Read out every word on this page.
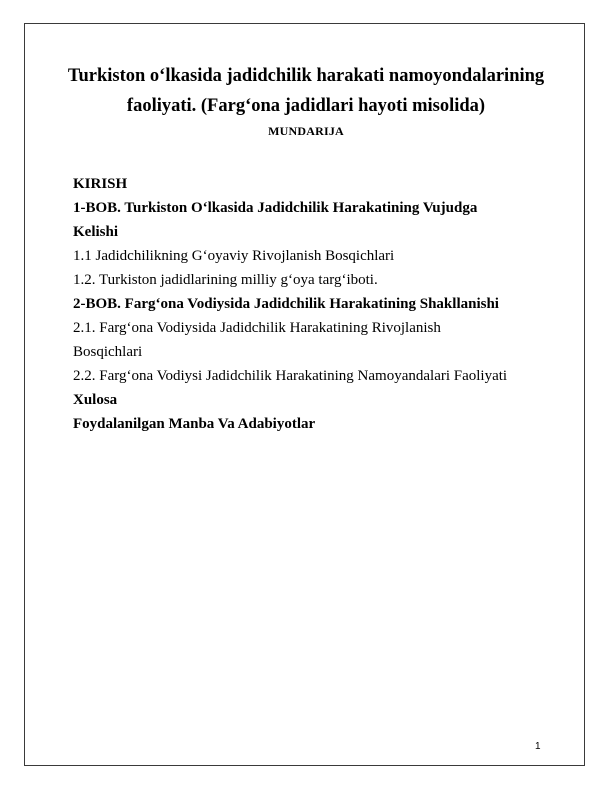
Turkiston o‘lkasida jadidchilik harakati namoyondalarining faoliyati. (Farg‘ona jadidlari hayoti misolida)
MUNDARIJA
KIRISH
1-BOB. Turkiston O‘lkasida Jadidchilik Harakatining Vujudga
Kelishi
1.1 Jadidchilikning G‘oyaviy Rivojlanish Bosqichlari
1.2. Turkiston jadidlarining milliy g‘oya targ‘iboti.
2-BOB. Farg‘ona Vodiysida Jadidchilik Harakatining Shakllanishi
2.1. Farg‘ona Vodiysida Jadidchilik Harakatining Rivojlanish
Bosqichlari
2.2. Farg‘ona Vodiysi Jadidchilik Harakatining Namoyandalari Faoliyati
Xulosa
Foydalanilgan Manba Va Adabiyotlar
1
